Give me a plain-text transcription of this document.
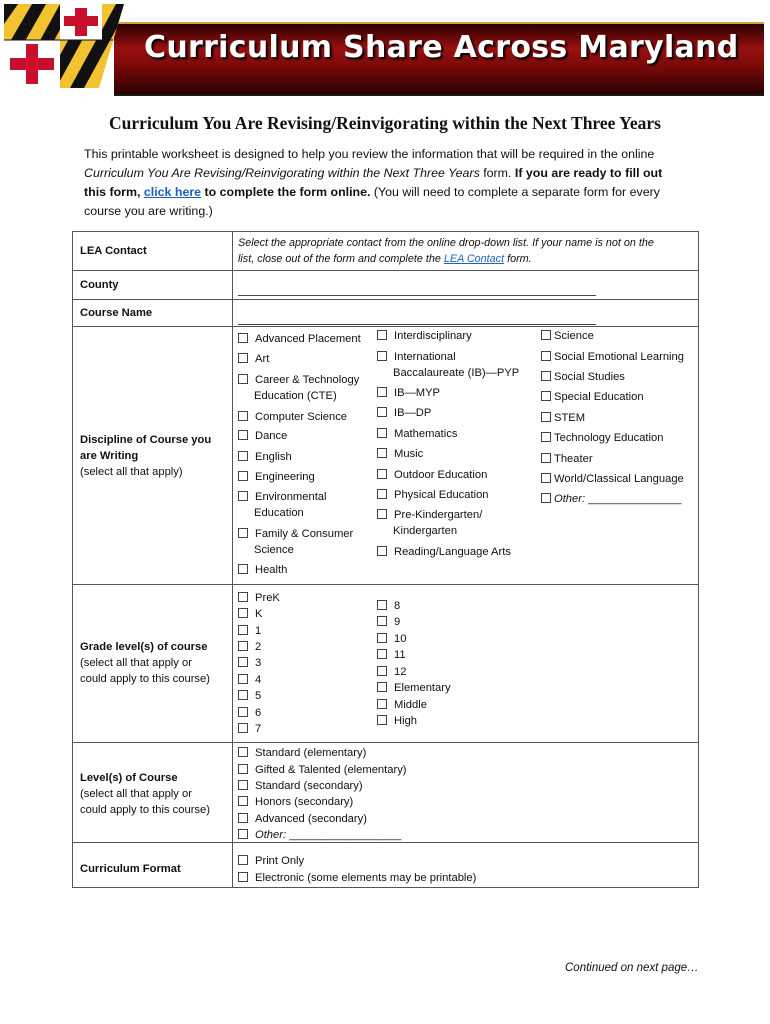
Curriculum Share Across Maryland
Curriculum You Are Revising/Reinvigorating within the Next Three Years
This printable worksheet is designed to help you review the information that will be required in the online
Curriculum You Are Revising/Reinvigorating within the Next Three Years form. If you are ready to fill out
this form, click here to complete the form online. (You will need to complete a separate form for every
course you are writing.)
LEA Contact
Select the appropriate contact from the online drop-down list. If your name is not on the
list, close out of the form and complete the LEA Contact form.
County
Course Name
Discipline of Course you
are Writing
(select all that apply)
Advanced Placement
Art
Career & Technology
Education (CTE)
Computer Science
Dance
English
Engineering
Environmental
Education
Family & Consumer
Science
Health
Interdisciplinary
International
Baccalaureate (IB)—PYP
IB—MYP
IB—DP
Mathematics
Music
Outdoor Education
Physical Education
Pre-Kindergarten/
Kindergarten
Reading/Language Arts
Science
Social Emotional Learning
Social Studies
Special Education
STEM
Technology Education
Theater
World/Classical Language
Other: _______________
Grade level(s) of course
(select all that apply or
could apply to this course)
PreK
K
1
2
3
4
5
6
7
8
9
10
11
12
Elementary
Middle
High
Level(s) of Course
(select all that apply or
could apply to this course)
Standard (elementary)
Gifted & Talented (elementary)
Standard (secondary)
Honors (secondary)
Advanced (secondary)
Other: __________________
Curriculum Format
Print Only
Electronic (some elements may be printable)
Continued on next page…
